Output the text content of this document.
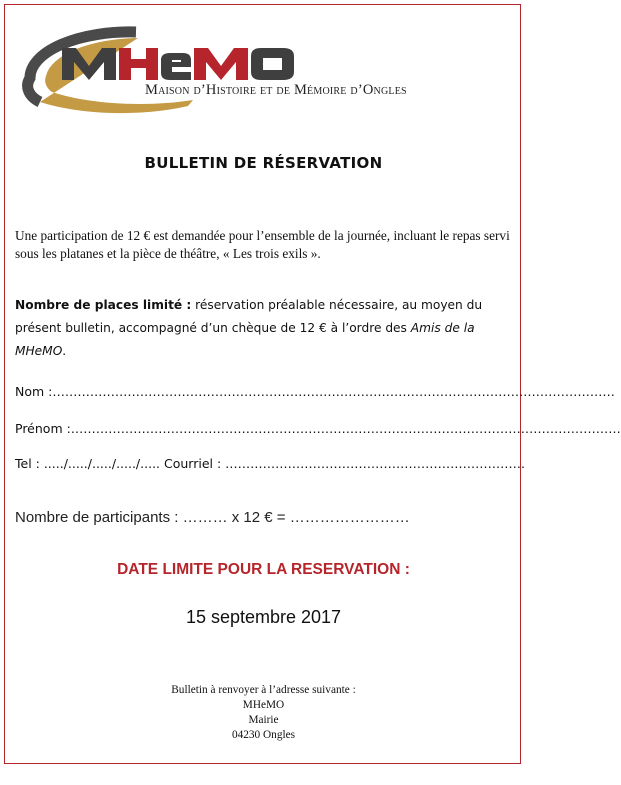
Maison d’Histoire et de Mémoire d’Ongles
BULLETIN DE RÉSERVATION
Une participation de 12 € est demandée pour l’ensemble de la journée, incluant le repas servi sous les platanes et la pièce de théâtre, « Les trois exils ».
Nombre de places limité : réservation préalable nécessaire, au moyen du présent bulletin, accompagné d’un chèque de 12 € à l’ordre des Amis de la MHeMO.
Nom :………………………………………………………………………………………………………………………
Prénom :……………………………………………………………………………………………………………………
Tel : ...../...../...../...../..... Courriel : ………………………………………………………………
Nombre de participants : ……… x 12 € = ……………………
DATE LIMITE POUR LA RESERVATION :
15 septembre 2017
Bulletin à renvoyer à l’adresse suivante :
MHeMO
Mairie
04230 Ongles
